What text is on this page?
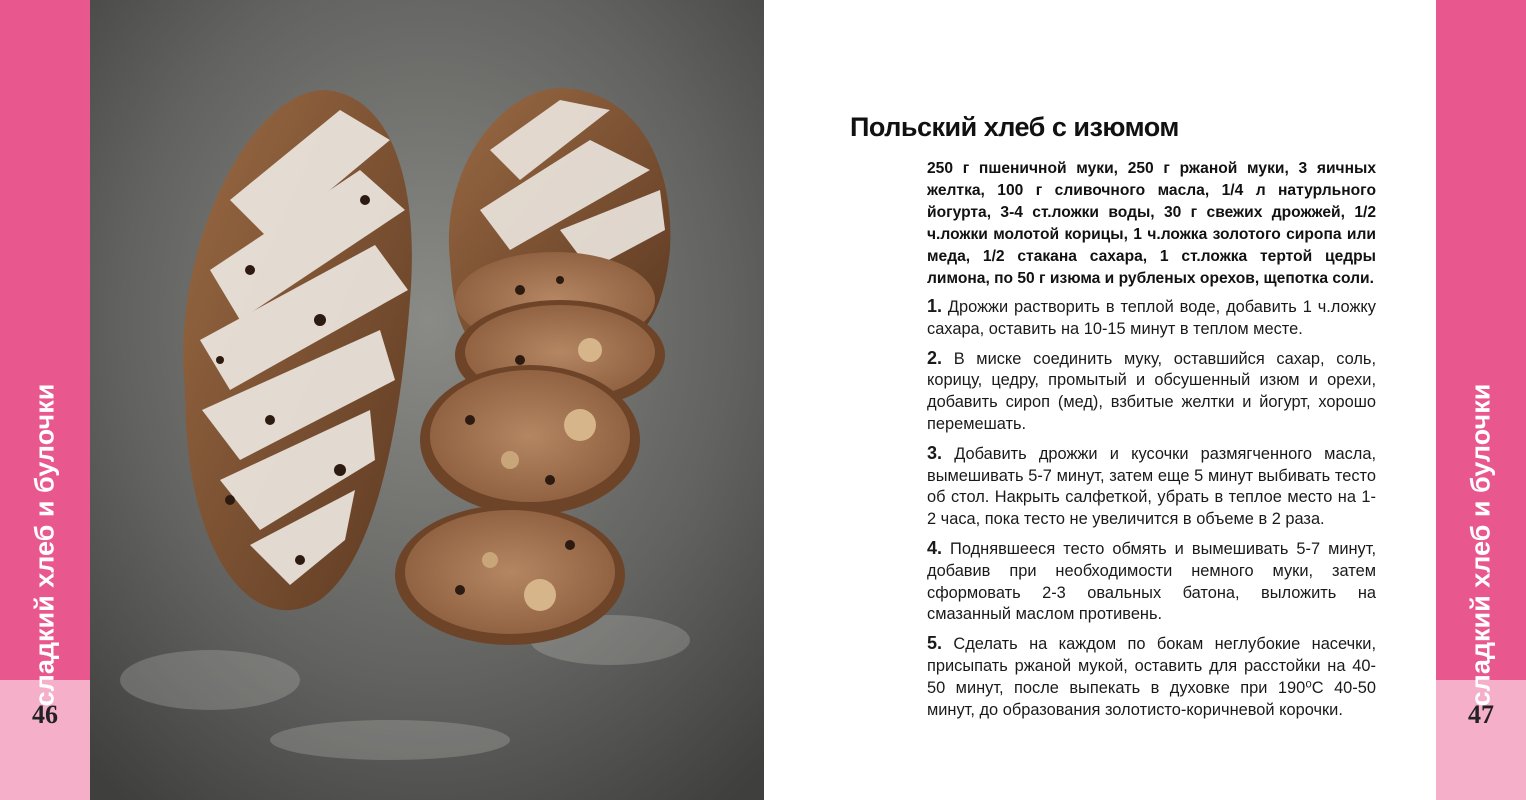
сладкий хлеб и булочки
46
Польский хлеб с изюмом
250 г пшеничной муки, 250 г ржаной муки, 3 яичных желтка, 100 г сливочного масла, 1/4 л натурльного йогурта, 3-4 ст.ложки воды, 30 г свежих дрожжей, 1/2 ч.ложки молотой корицы, 1 ч.ложка золотого сиропа или меда, 1/2 стакана сахара, 1 ст.ложка тертой цедры лимона, по 50 г изюма и рубленых орехов, щепотка соли.

1. Дрожжи растворить в теплой воде, добавить 1 ч.ложку сахара, оставить на 10-15 минут в теплом месте.

2. В миске соединить муку, оставшийся сахар, соль, корицу, цедру, промытый и обсушенный изюм и орехи, добавить сироп (мед), взбитые желтки и йогурт, хорошо перемешать.

3. Добавить дрожжи и кусочки размягченного масла, вымешивать 5-7 минут, затем еще 5 минут выбивать тесто об стол. Накрыть салфеткой, убрать в теплое место на 1-2 часа, пока тесто не увеличится в объеме в 2 раза.

4. Поднявшееся тесто обмять и вымешивать 5-7 минут, добавив при необходимости немного муки, затем сформовать 2-3 овальных батона, выложить на смазанный маслом противень.

5. Сделать на каждом по бокам неглубокие насечки, присыпать ржаной мукой, оставить для расстойки на 40-50 минут, после выпекать в духовке при 190⁰С 40-50 минут, до образования золотисто-коричневой корочки.

сладкий хлеб и булочки
47
